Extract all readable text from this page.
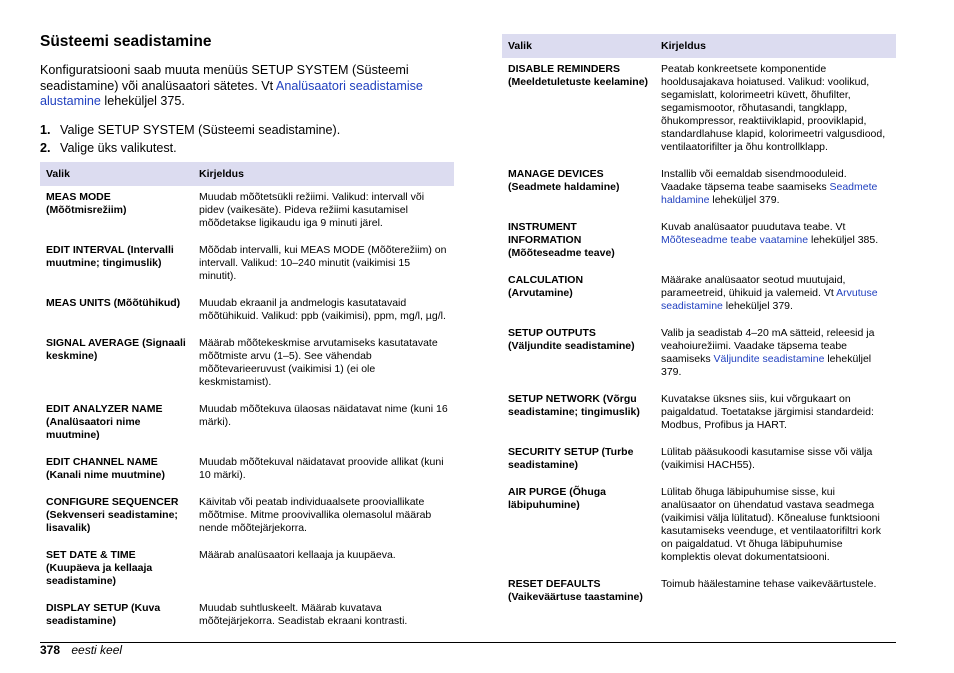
Süsteemi seadistamine

Konfiguratsiooni saab muuta menüüs SETUP SYSTEM (Süsteemi seadistamine) või analüsaatori sätetes. Vt Analüsaatori seadistamise alustamine leheküljel 375.

1. Valige SETUP SYSTEM (Süsteemi seadistamine).
2. Valige üks valikutest.
Valik	Kirjeldus
MEAS MODE (Mõõtmisrežiim)	Muudab mõõtetsükli režiimi. Valikud: intervall või pidev (vaikesäte). Pideva režiimi kasutamisel mõõdetakse ligikaudu iga 9 minuti järel.
EDIT INTERVAL (Intervalli muutmine; tingimuslik)	Mõõdab intervalli, kui MEAS MODE (Mõõterežiim) on intervall. Valikud: 10–240 minutit (vaikimisi 15 minutit).
MEAS UNITS (Mõõtühikud)	Muudab ekraanil ja andmelogis kasutatavaid mõõtühikuid. Valikud: ppb (vaikimisi), ppm, mg/l, µg/l.
SIGNAL AVERAGE (Signaali keskmine)	Määrab mõõtekeskmise arvutamiseks kasutatavate mõõtmiste arvu (1–5). See vähendab mõõtevarieeruvust (vaikimisi 1) (ei ole keskmistamist).
EDIT ANALYZER NAME (Analüsaatori nime muutmine)	Muudab mõõtekuva ülaosas näidatavat nime (kuni 16 märki).
EDIT CHANNEL NAME (Kanali nime muutmine)	Muudab mõõtekuval näidatavat proovide allikat (kuni 10 märki).
CONFIGURE SEQUENCER (Sekvenseri seadistamine; lisavalik)	Käivitab või peatab individuaalsete prooviallikate mõõtmise. Mitme proovivallika olemasolul määrab nende mõõtejärjekorra.
SET DATE & TIME (Kuupäeva ja kellaaja seadistamine)	Määrab analüsaatori kellaaja ja kuupäeva.
DISPLAY SETUP (Kuva seadistamine)	Muudab suhtluskeelt. Määrab kuvatava mõõtejärjekorra. Seadistab ekraani kontrasti.
Valik	Kirjeldus
DISABLE REMINDERS (Meeldetuletuste keelamine)	Peatab konkreetsete komponentide hooldusajakava hoiatused. Valikud: voolikud, segamislatt, kolorimeetri küvett, õhufilter, segamismootor, rõhutasandi, tangklapp, õhukompressor, reaktiiviklapid, prooviklapid, standardlahuse klapid, kolorimeetri valgusdiood, ventilaatorifilter ja õhu kontrollklapp.
MANAGE DEVICES (Seadmete haldamine)	Installib või eemaldab sisendmooduleid. Vaadake täpsema teabe saamiseks Seadmete haldamine leheküljel 379.
INSTRUMENT INFORMATION (Mõõteseadme teave)	Kuvab analüsaator puudutava teabe. Vt Mõõteseadme teabe vaatamine leheküljel 385.
CALCULATION (Arvutamine)	Määrake analüsaator seotud muutujaid, parameetreid, ühikuid ja valemeid. Vt Arvutuse seadistamine leheküljel 379.
SETUP OUTPUTS (Väljundite seadistamine)	Valib ja seadistab 4–20 mA sätteid, releesid ja veahoiurežiimi. Vaadake täpsema teabe saamiseks Väljundite seadistamine leheküljel 379.
SETUP NETWORK (Võrgu seadistamine; tingimuslik)	Kuvatakse üksnes siis, kui võrgukaart on paigaldatud. Toetatakse järgimisi standardeid: Modbus, Profibus ja HART.
SECURITY SETUP (Turbe seadistamine)	Lülitab pääsukoodi kasutamise sisse või välja (vaikimisi HACH55).
AIR PURGE (Õhuga läbipuhumine)	Lülitab õhuga läbipuhumise sisse, kui analüsaator on ühendatud vastava seadmega (vaikimisi välja lülitatud). Kõnealuse funktsiooni kasutamiseks veenduge, et ventilaatorifiltri kork on paigaldatud. Vt õhuga läbipuhumise komplektis olevat dokumentatsiooni.
RESET DEFAULTS (Vaikeväärtuse taastamine)	Toimub häälestamine tehase vaikeväärtustele.
378 eesti keel
